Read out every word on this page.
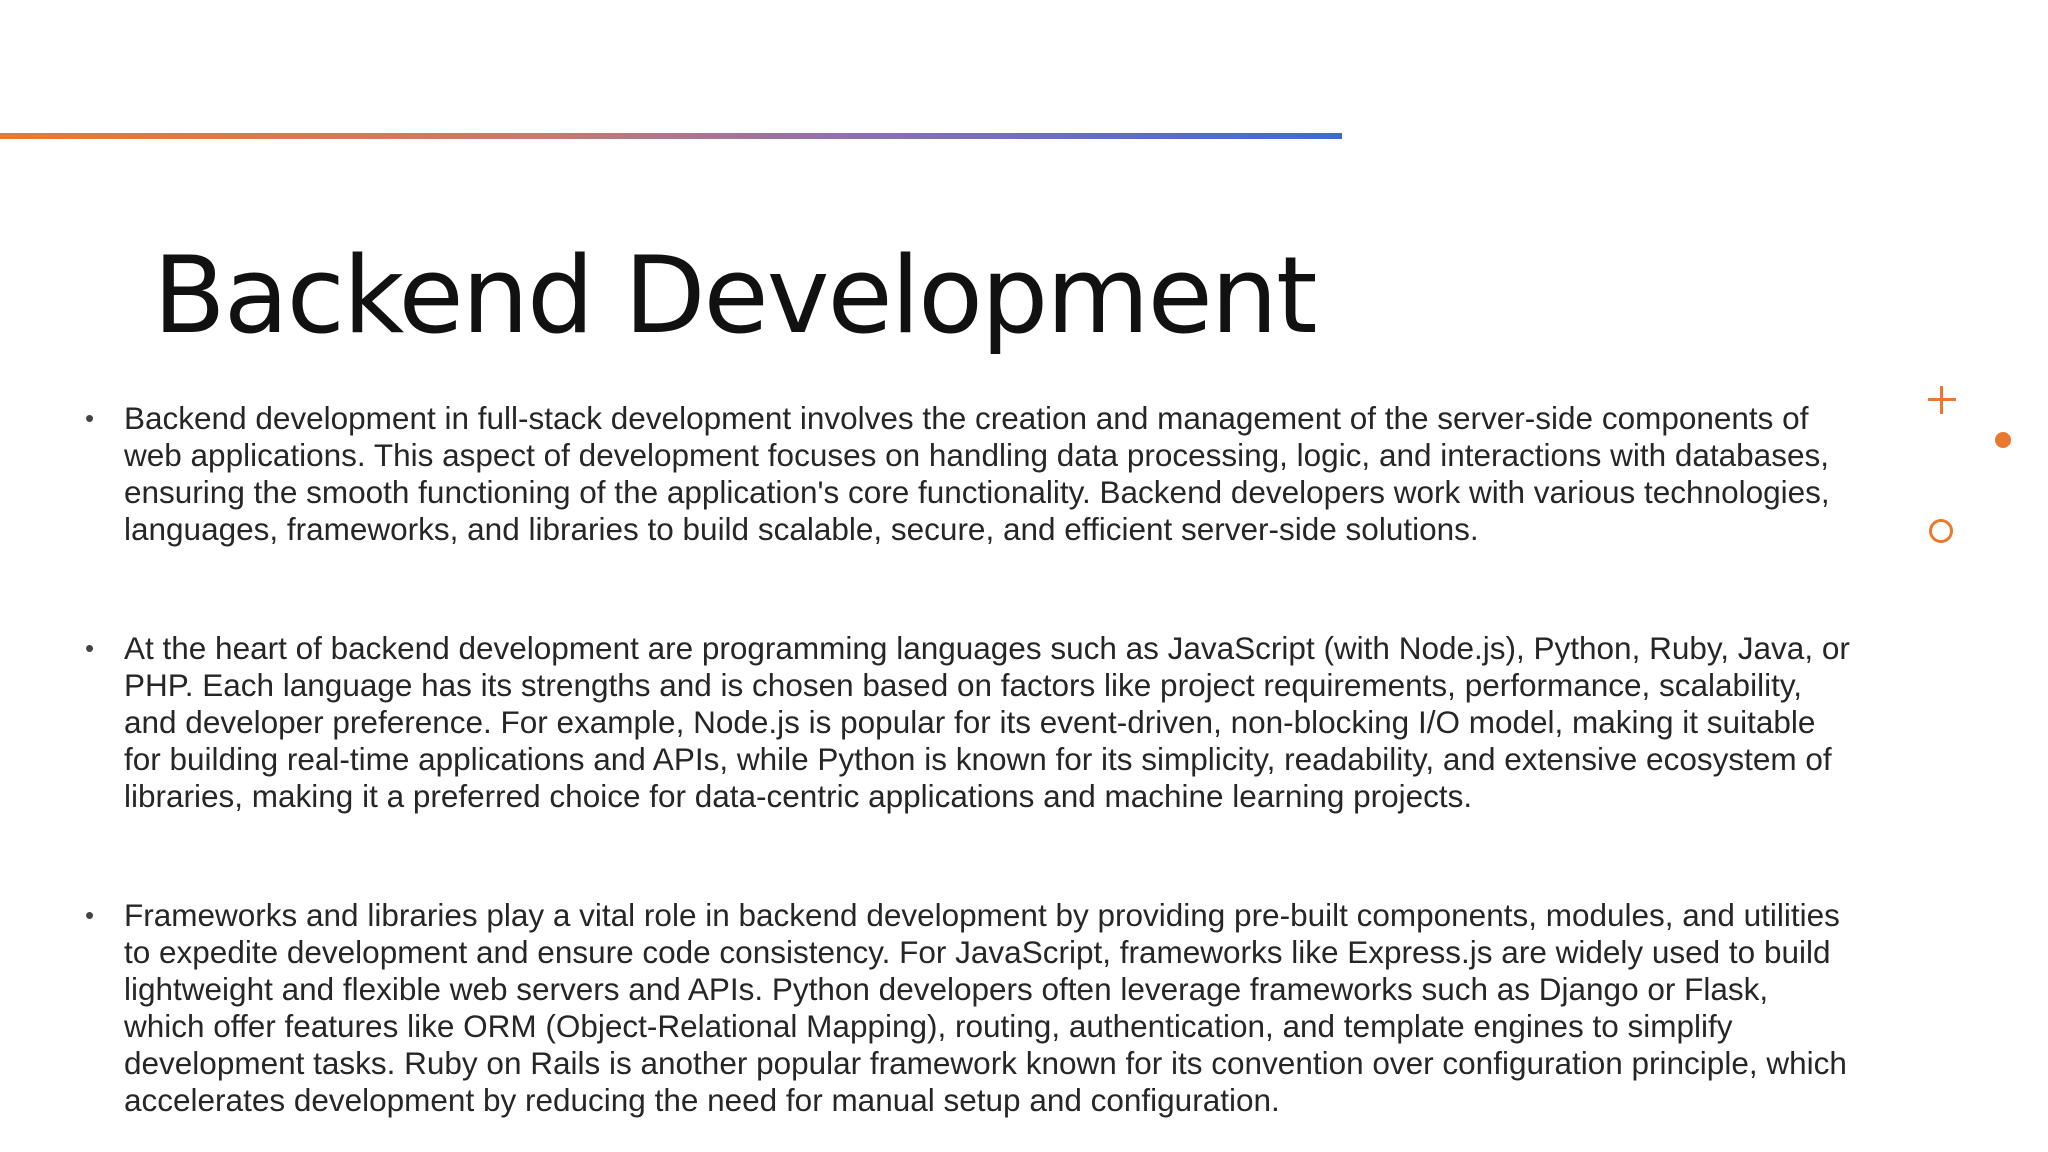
Backend Development
• Backend development in full-stack development involves the creation and management of the server-side components of web applications. This aspect of development focuses on handling data processing, logic, and interactions with databases, ensuring the smooth functioning of the application's core functionality. Backend developers work with various technologies, languages, frameworks, and libraries to build scalable, secure, and efficient server-side solutions.
• At the heart of backend development are programming languages such as JavaScript (with Node.js), Python, Ruby, Java, or PHP. Each language has its strengths and is chosen based on factors like project requirements, performance, scalability, and developer preference. For example, Node.js is popular for its event-driven, non-blocking I/O model, making it suitable for building real-time applications and APIs, while Python is known for its simplicity, readability, and extensive ecosystem of libraries, making it a preferred choice for data-centric applications and machine learning projects.
• Frameworks and libraries play a vital role in backend development by providing pre-built components, modules, and utilities to expedite development and ensure code consistency. For JavaScript, frameworks like Express.js are widely used to build lightweight and flexible web servers and APIs. Python developers often leverage frameworks such as Django or Flask, which offer features like ORM (Object-Relational Mapping), routing, authentication, and template engines to simplify development tasks. Ruby on Rails is another popular framework known for its convention over configuration principle, which accelerates development by reducing the need for manual setup and configuration.
